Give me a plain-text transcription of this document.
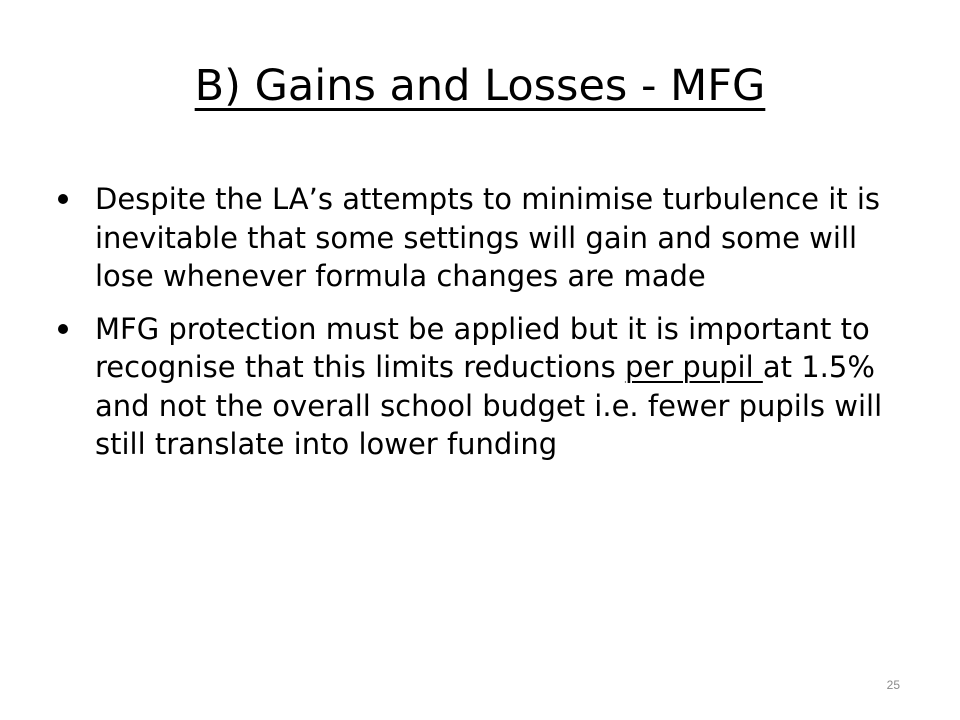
B) Gains and Losses - MFG
Despite the LA’s attempts to minimise turbulence it is inevitable that some settings will gain and some will lose whenever formula changes are made
MFG protection must be applied but it is important to recognise that this limits reductions per pupil at 1.5% and not the overall school budget i.e. fewer pupils will still translate into lower funding
25
